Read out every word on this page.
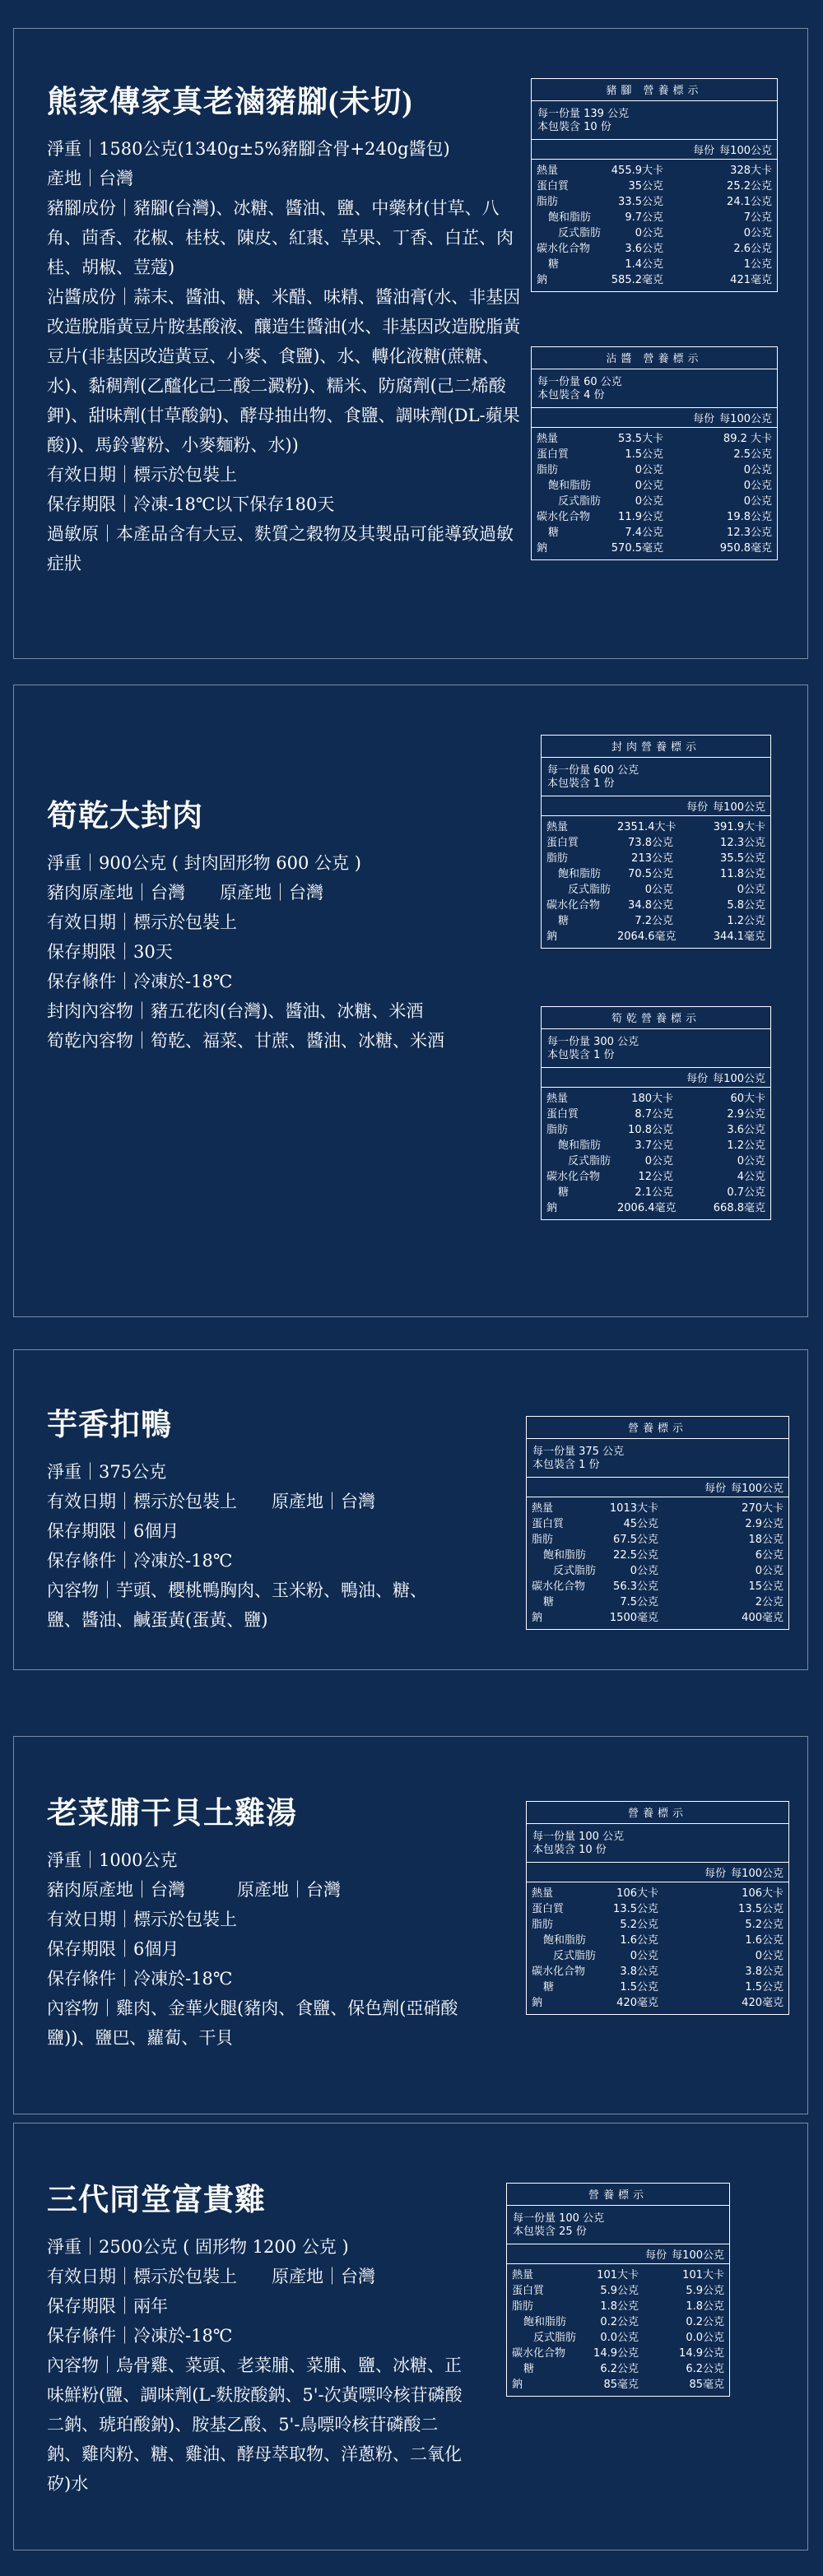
熊家傳家真老滷豬腳(未切)
淨重｜1580公克(1340g±5%豬腳含骨+240g醬包)
產地｜台灣
豬腳成份｜豬腳(台灣)、冰糖、醬油、鹽、中藥材(甘草、八角、茴香、花椒、桂枝、陳皮、紅棗、草果、丁香、白芷、肉桂、胡椒、荳蔻)
沾醬成份｜蒜末、醬油、糖、米醋、味精、醬油膏(水、非基因改造脫脂黃豆片胺基酸液、釀造生醬油(水、非基因改造脫脂黃豆片(非基因改造黃豆、小麥、食鹽)、水、轉化液糖(蔗糖、水)、黏稠劑(乙醯化己二酸二澱粉)、糯米、防腐劑(己二烯酸鉀)、甜味劑(甘草酸鈉)、酵母抽出物、食鹽、調味劑(DL-蘋果酸))、馬鈴薯粉、小麥麵粉、水))
有效日期｜標示於包裝上
保存期限｜冷凍-18℃以下保存180天
過敏原｜本產品含有大豆、麩質之穀物及其製品可能導致過敏症狀
豬腳 營養標示
每一份量 139 公克
本包裝含 10 份
每份 每100公克
熱量	455.9大卡	328大卡
蛋白質	35公克	25.2公克
脂肪	33.5公克	24.1公克
飽和脂肪	9.7公克	7公克
反式脂肪	0公克	0公克
碳水化合物	3.6公克	2.6公克
糖	1.4公克	1公克
鈉	585.2毫克	421毫克
沾醬 營養標示
每一份量 60 公克
本包裝含 4 份
每份 每100公克
熱量	53.5大卡	89.2 大卡
蛋白質	1.5公克	2.5公克
脂肪	0公克	0公克
飽和脂肪	0公克	0公克
反式脂肪	0公克	0公克
碳水化合物	11.9公克	19.8公克
糖	7.4公克	12.3公克
鈉	570.5毫克	950.8毫克
筍乾大封肉
淨重｜900公克 ( 封肉固形物 600 公克 )
豬肉原產地｜台灣　　原產地｜台灣
有效日期｜標示於包裝上
保存期限｜30天
保存條件｜冷凍於-18℃
封肉內容物｜豬五花肉(台灣)、醬油、冰糖、米酒
筍乾內容物｜筍乾、福菜、甘蔗、醬油、冰糖、米酒
封肉營養標示
每一份量 600 公克
本包裝含 1 份
每份 每100公克
熱量	2351.4大卡	391.9大卡
蛋白質	73.8公克	12.3公克
脂肪	213公克	35.5公克
飽和脂肪	70.5公克	11.8公克
反式脂肪	0公克	0公克
碳水化合物	34.8公克	5.8公克
糖	7.2公克	1.2公克
鈉	2064.6毫克	344.1毫克
筍乾營養標示
每一份量 300 公克
本包裝含 1 份
每份 每100公克
熱量	180大卡	60大卡
蛋白質	8.7公克	2.9公克
脂肪	10.8公克	3.6公克
飽和脂肪	3.7公克	1.2公克
反式脂肪	0公克	0公克
碳水化合物	12公克	4公克
糖	2.1公克	0.7公克
鈉	2006.4毫克	668.8毫克
芋香扣鴨
淨重｜375公克
有效日期｜標示於包裝上　　原產地｜台灣
保存期限｜6個月
保存條件｜冷凍於-18℃
內容物｜芋頭、櫻桃鴨胸肉、玉米粉、鴨油、糖、鹽、醬油、鹹蛋黃(蛋黃、鹽)
營養標示
每一份量 375 公克
本包裝含 1 份
每份 每100公克
熱量	1013大卡	270大卡
蛋白質	45公克	2.9公克
脂肪	67.5公克	18公克
飽和脂肪	22.5公克	6公克
反式脂肪	0公克	0公克
碳水化合物	56.3公克	15公克
糖	7.5公克	2公克
鈉	1500毫克	400毫克
老菜脯干貝土雞湯
淨重｜1000公克
豬肉原產地｜台灣　　　原產地｜台灣
有效日期｜標示於包裝上
保存期限｜6個月
保存條件｜冷凍於-18℃
內容物｜雞肉、金華火腿(豬肉、食鹽、保色劑(亞硝酸鹽))、鹽巴、蘿蔔、干貝
營養標示
每一份量 100 公克
本包裝含 10 份
每份 每100公克
熱量	106大卡	106大卡
蛋白質	13.5公克	13.5公克
脂肪	5.2公克	5.2公克
飽和脂肪	1.6公克	1.6公克
反式脂肪	0公克	0公克
碳水化合物	3.8公克	3.8公克
糖	1.5公克	1.5公克
鈉	420毫克	420毫克
三代同堂富貴雞
淨重｜2500公克 ( 固形物 1200 公克 )
有效日期｜標示於包裝上　　原產地｜台灣
保存期限｜兩年
保存條件｜冷凍於-18℃
內容物｜烏骨雞、菜頭、老菜脯、菜脯、鹽、冰糖、正味鮮粉(鹽、調味劑(L-麩胺酸鈉、5'-次黃嘌呤核苷磷酸二鈉、琥珀酸鈉)、胺基乙酸、5'-鳥嘌呤核苷磷酸二鈉、雞肉粉、糖、雞油、酵母萃取物、洋蔥粉、二氧化矽)水
營養標示
每一份量 100 公克
本包裝含 25 份
每份 每100公克
熱量	101大卡	101大卡
蛋白質	5.9公克	5.9公克
脂肪	1.8公克	1.8公克
飽和脂肪	0.2公克	0.2公克
反式脂肪	0.0公克	0.0公克
碳水化合物	14.9公克	14.9公克
糖	6.2公克	6.2公克
鈉	85毫克	85毫克
